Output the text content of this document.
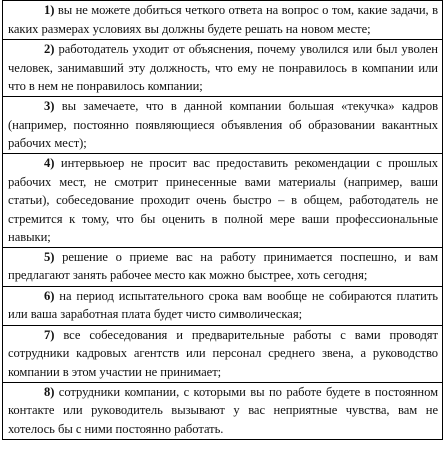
1) вы не можете добиться четкого ответа на вопрос о том, какие задачи, в каких размерах условиях вы должны будете решать на новом месте;
2) работодатель уходит от объяснения, почему уволился или был уволен человек, занимавший эту должность, что ему не понравилось в компании или что в нем не понравилось компании;
3) вы замечаете, что в данной компании большая «текучка» кадров (например, постоянно появляющиеся объявления об образовании вакантных рабочих мест);
4) интервьюер не просит вас предоставить рекомендации с прошлых рабочих мест, не смотрит принесенные вами материалы (например, ваши статьи), собеседование проходит очень быстро – в общем, работодатель не стремится к тому, что бы оценить в полной мере ваши профессиональные навыки;
5) решение о приеме вас на работу принимается поспешно, и вам предлагают занять рабочее место как можно быстрее, хоть сегодня;
6) на период испытательного срока вам вообще не собираются платить или ваша заработная плата будет чисто символическая;
7) все собеседования и предварительные работы с вами проводят сотрудники кадровых агентств или персонал среднего звена, а руководство компании в этом участии не принимает;
8) сотрудники компании, с которыми вы по работе будете в постоянном контакте или руководитель вызывают у вас неприятные чувства, вам не хотелось бы с ними постоянно работать.
